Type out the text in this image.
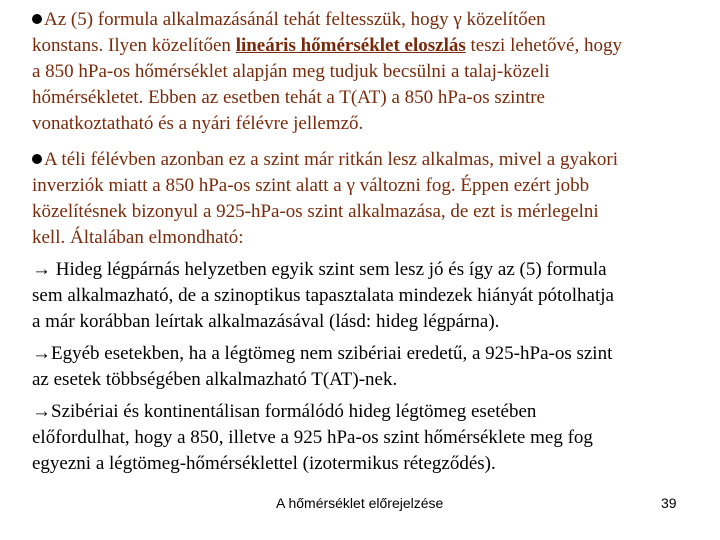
Az (5) formula alkalmazásánál tehát feltesszük, hogy γ közelítően
konstans. Ilyen közelítően lineáris hőmérséklet eloszlás teszi lehetővé, hogy
a 850 hPa-os hőmérséklet alapján meg tudjuk becsülni a talaj-közeli
hőmérsékletet. Ebben az esetben tehát a T(AT) a 850 hPa-os szintre
vonatkoztatható és a nyári félévre jellemző.
A téli félévben azonban ez a szint már ritkán lesz alkalmas, mivel a gyakori
inverziók miatt a 850 hPa-os szint alatt a γ változni fog. Éppen ezért jobb
közelítésnek bizonyul a 925-hPa-os szint alkalmazása, de ezt is mérlegelni
kell. Általában elmondható:
→ Hideg légpárnás helyzetben egyik szint sem lesz jó és így az (5) formula
sem alkalmazható, de a szinoptikus tapasztalata mindezek hiányát pótolhatja
a már korábban leírtak alkalmazásával (lásd: hideg légpárna).
→Egyéb esetekben, ha a légtömeg nem szibériai eredetű, a 925-hPa-os szint
az esetek többségében alkalmazható T(AT)-nek.
→Szibériai és kontinentálisan formálódó hideg légtömeg esetében
előfordulhat, hogy a 850, illetve a 925 hPa-os szint hőmérséklete meg fog
egyezni a légtömeg-hőmérséklettel (izotermikus rétegződés).
A hőmérséklet előrejelzése	39
